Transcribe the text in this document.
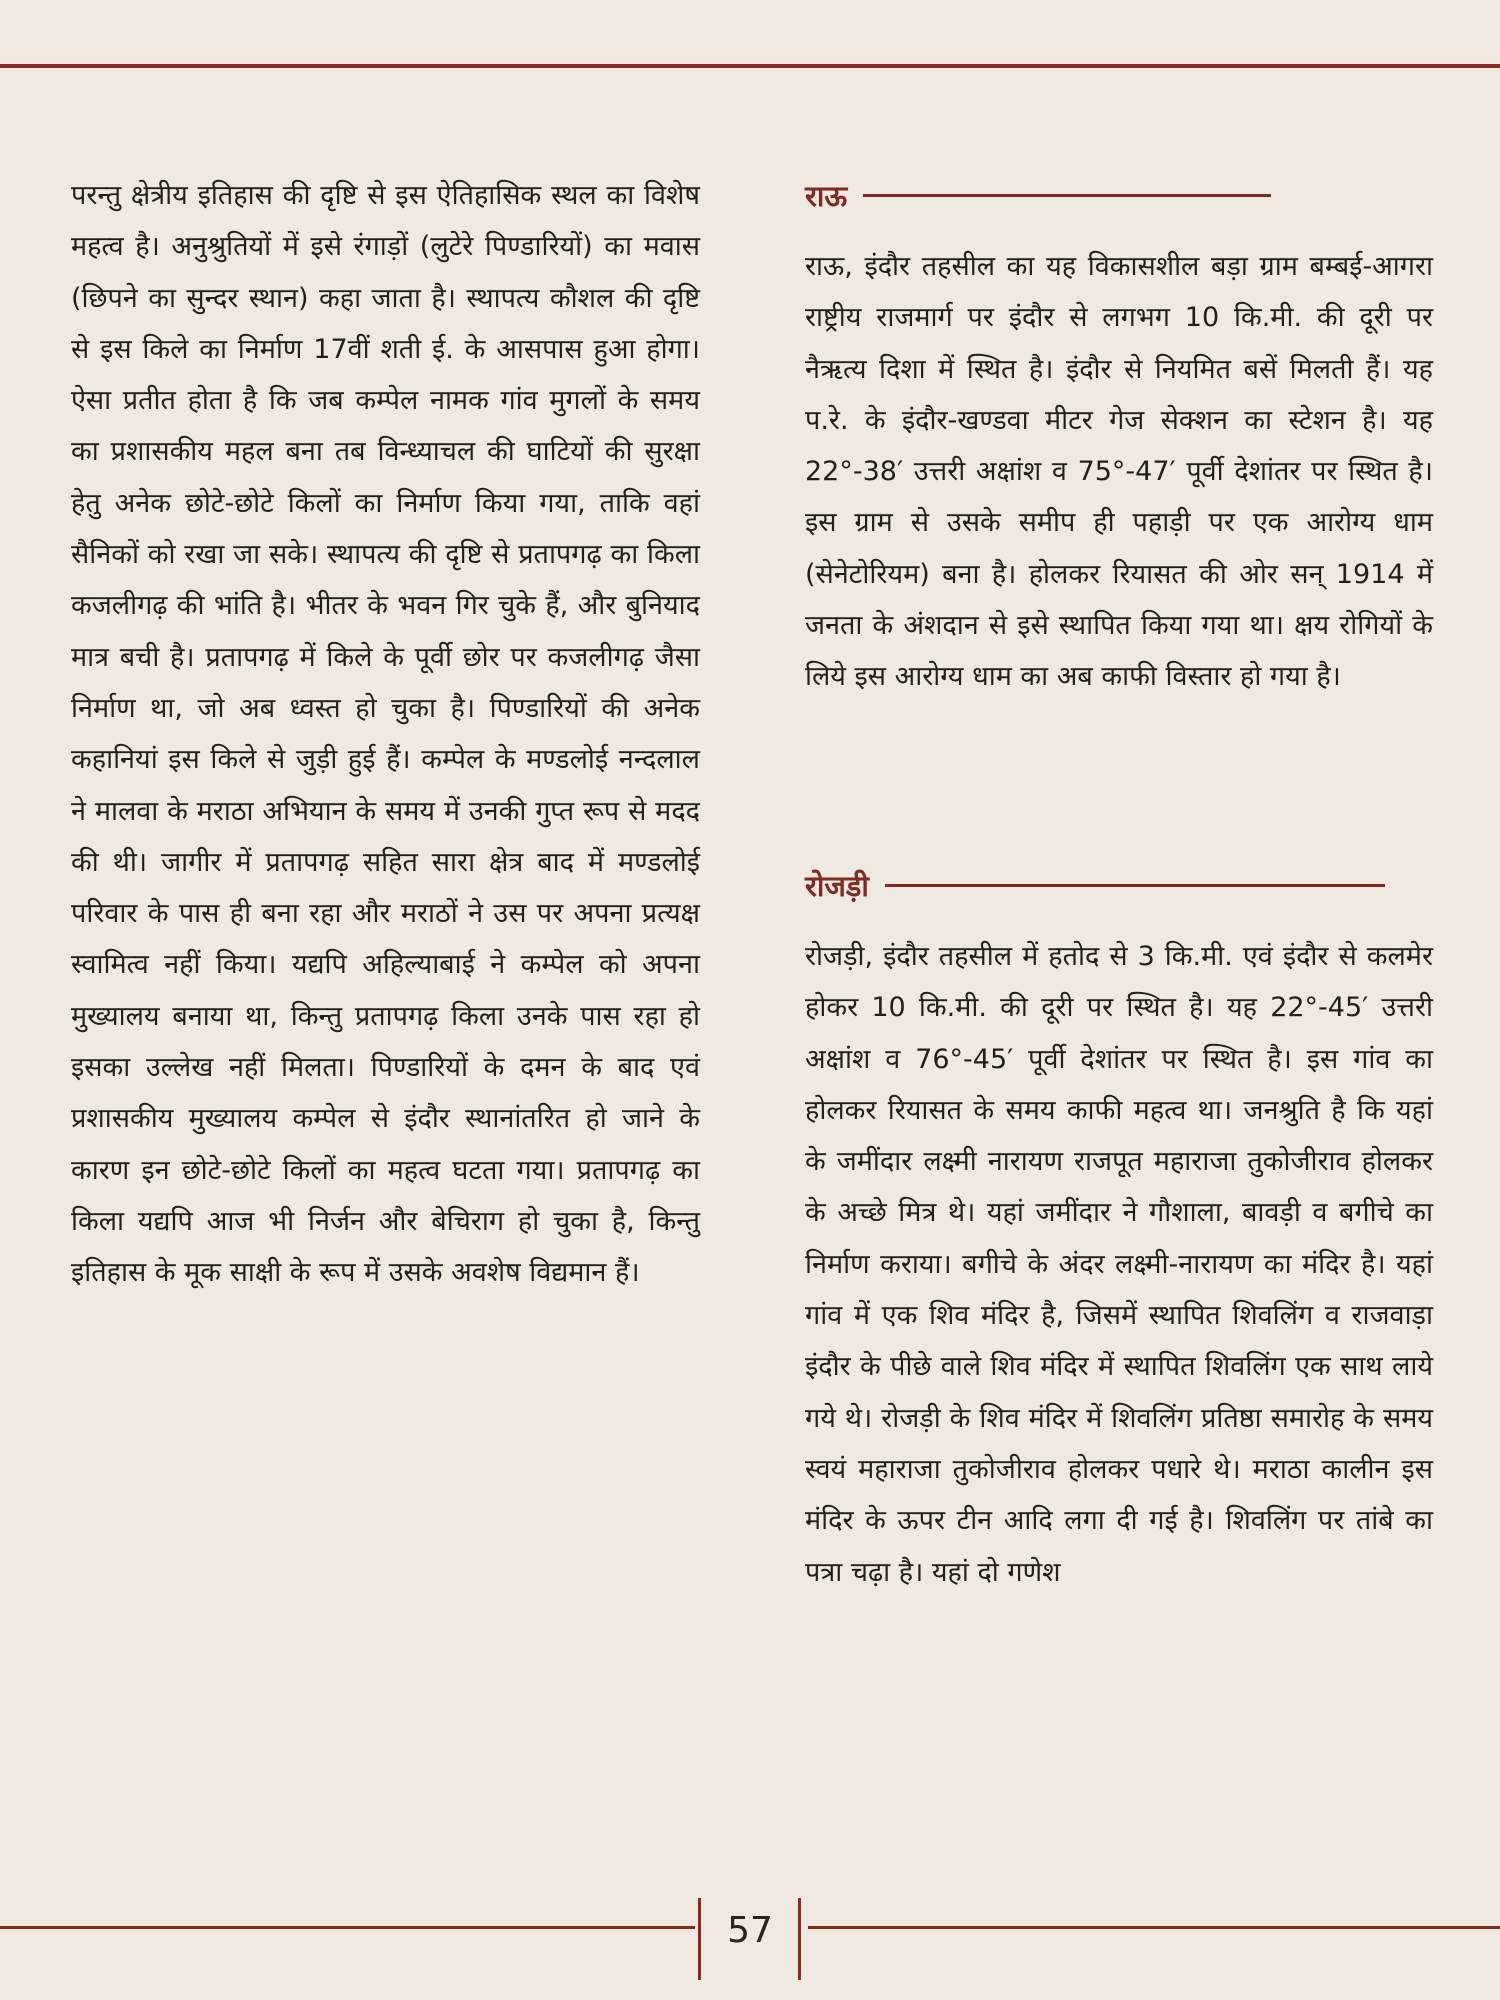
परन्तु क्षेत्रीय इतिहास की दृष्टि से इस ऐतिहासिक स्थल का विशेष महत्व है। अनुश्रुतियों में इसे रंगाड़ों (लुटेरे पिण्डारियों) का मवास (छिपने का सुन्दर स्थान) कहा जाता है। स्थापत्य कौशल की दृष्टि से इस किले का निर्माण 17वीं शती ई. के आसपास हुआ होगा। ऐसा प्रतीत होता है कि जब कम्पेल नामक गांव मुगलों के समय का प्रशासकीय महल बना तब विन्ध्याचल की घाटियों की सुरक्षा हेतु अनेक छोटे-छोटे किलों का निर्माण किया गया, ताकि वहां सैनिकों को रखा जा सके। स्थापत्य की दृष्टि से प्रतापगढ़ का किला कजलीगढ़ की भांति है। भीतर के भवन गिर चुके हैं, और बुनियाद मात्र बची है। प्रतापगढ़ में किले के पूर्वी छोर पर कजलीगढ़ जैसा निर्माण था, जो अब ध्वस्त हो चुका है। पिण्डारियों की अनेक कहानियां इस किले से जुड़ी हुई हैं। कम्पेल के मण्डलोई नन्दलाल ने मालवा के मराठा अभियान के समय में उनकी गुप्त रूप से मदद की थी। जागीर में प्रतापगढ़ सहित सारा क्षेत्र बाद में मण्डलोई परिवार के पास ही बना रहा और मराठों ने उस पर अपना प्रत्यक्ष स्वामित्व नहीं किया। यद्यपि अहिल्याबाई ने कम्पेल को अपना मुख्यालय बनाया था, किन्तु प्रतापगढ़ किला उनके पास रहा हो इसका उल्लेख नहीं मिलता। पिण्डारियों के दमन के बाद एवं प्रशासकीय मुख्यालय कम्पेल से इंदौर स्थानांतरित हो जाने के कारण इन छोटे-छोटे किलों का महत्व घटता गया। प्रतापगढ़ का किला यद्यपि आज भी निर्जन और बेचिराग हो चुका है, किन्तु इतिहास के मूक साक्षी के रूप में उसके अवशेष विद्यमान हैं।
राऊ
राऊ, इंदौर तहसील का यह विकासशील बड़ा ग्राम बम्बई-आगरा राष्ट्रीय राजमार्ग पर इंदौर से लगभग 10 कि.मी. की दूरी पर नैऋत्य दिशा में स्थित है। इंदौर से नियमित बसें मिलती हैं। यह प.रे. के इंदौर-खण्डवा मीटर गेज सेक्शन का स्टेशन है। यह 22°-38′ उत्तरी अक्षांश व 75°-47′ पूर्वी देशांतर पर स्थित है। इस ग्राम से उसके समीप ही पहाड़ी पर एक आरोग्य धाम (सेनेटोरियम) बना है। होलकर रियासत की ओर सन् 1914 में जनता के अंशदान से इसे स्थापित किया गया था। क्षय रोगियों के लिये इस आरोग्य धाम का अब काफी विस्तार हो गया है।
रोजड़ी
रोजड़ी, इंदौर तहसील में हतोद से 3 कि.मी. एवं इंदौर से कलमेर होकर 10 कि.मी. की दूरी पर स्थित है। यह 22°-45′ उत्तरी अक्षांश व 76°-45′ पूर्वी देशांतर पर स्थित है। इस गांव का होलकर रियासत के समय काफी महत्व था। जनश्रुति है कि यहां के जमींदार लक्ष्मी नारायण राजपूत महाराजा तुकोजीराव होलकर के अच्छे मित्र थे। यहां जमींदार ने गौशाला, बावड़ी व बगीचे का निर्माण कराया। बगीचे के अंदर लक्ष्मी-नारायण का मंदिर है। यहां गांव में एक शिव मंदिर है, जिसमें स्थापित शिवलिंग व राजवाड़ा इंदौर के पीछे वाले शिव मंदिर में स्थापित शिवलिंग एक साथ लाये गये थे। रोजड़ी के शिव मंदिर में शिवलिंग प्रतिष्ठा समारोह के समय स्वयं महाराजा तुकोजीराव होलकर पधारे थे। मराठा कालीन इस मंदिर के ऊपर टीन आदि लगा दी गई है। शिवलिंग पर तांबे का पत्रा चढ़ा है। यहां दो गणेश
57
